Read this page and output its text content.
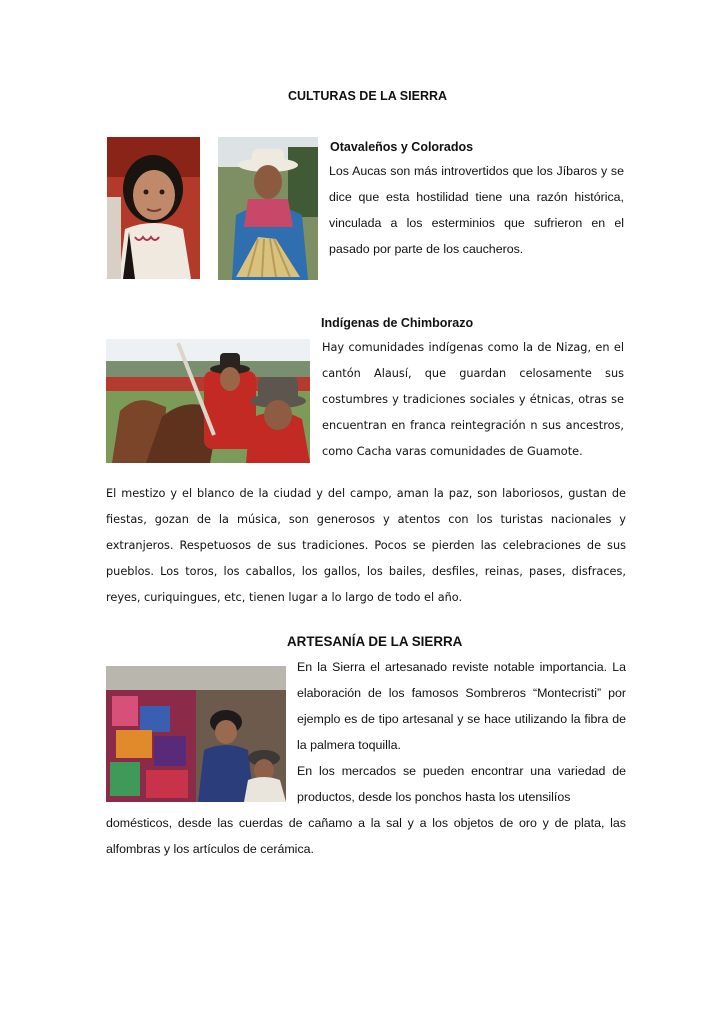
CULTURAS DE LA SIERRA
Otavaleños y Colorados
Los Aucas son más introvertidos que los Jíbaros y se dice que esta hostilidad tiene una razón histórica, vinculada a los esterminios que sufrieron en el pasado por parte de los caucheros.
Indígenas de Chimborazo
Hay comunidades indígenas como la de Nizag, en el cantón Alausí, que guardan celosamente sus costumbres y tradiciones sociales y étnicas, otras se encuentran en franca reintegración n sus ancestros, como Cacha varas comunidades de Guamote.
El mestizo y el blanco de la ciudad y del campo, aman la paz, son laboriosos, gustan de fiestas, gozan de la música, son generosos y atentos con los turistas nacionales y extranjeros. Respetuosos de sus tradiciones. Pocos se pierden las celebraciones de sus pueblos. Los toros, los caballos, los gallos, los bailes, desfiles, reinas, pases, disfraces, reyes, curiquingues, etc, tienen lugar a lo largo de todo el año.
ARTESANÍA DE LA SIERRA
En la Sierra el artesanado reviste notable importancia. La elaboración de los famosos Sombreros “Montecristi” por ejemplo es de tipo artesanal y se hace utilizando la fibra de la palmera toquilla.
En los mercados se pueden encontrar una variedad de productos, desde los ponchos hasta los utensilíos
domésticos, desde las cuerdas de cañamo a la sal y a los objetos de oro y de plata, las alfombras y los artículos de cerámica.
